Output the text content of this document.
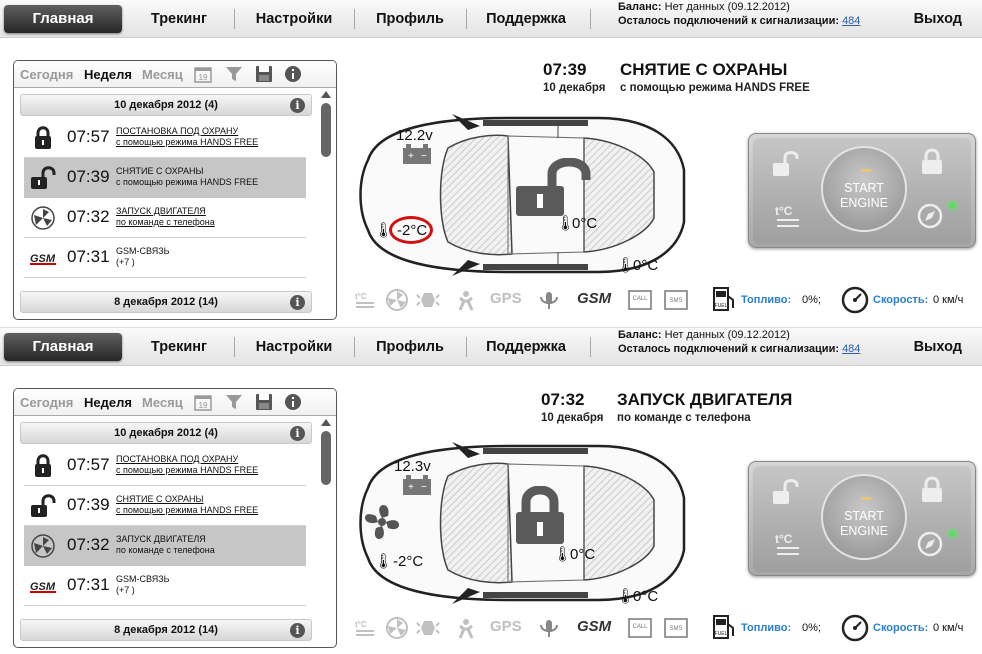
Главная	Трекинг	Настройки	Профиль	Поддержка
Баланс: Нет данных (09.12.2012)
Осталось подключений к сигнализации: 484	Выход
Сегодня Неделя Месяц 19
10 декабря 2012 (4)	i
07:57 ПОСТАНОВКА ПОД ОХРАНУ
с помощью режима HANDS FREE
07:39 СНЯТИЕ С ОХРАНЫ
с помощью режима HANDS FREE
07:32 ЗАПУСК ДВИГАТЕЛЯ
по команде с телефона
GSM 07:31 GSM-СВЯЗЬ
(+7 )
8 декабря 2012 (14)	i
07:39 СНЯТИЕ С ОХРАНЫ
10 декабря с помощью режима HANDS FREE
+ −
12.2v
🌡 -2°C	🌡
0°C
🌡
0°C
t°C
START
ENGINE
t°C	GPS	GSM	CALL	SMS
FUEL Топливо: 0%;	Скорость: 0 км/ч
Главная	Трекинг	Настройки	Профиль	Поддержка
Баланс: Нет данных (09.12.2012)
Осталось подключений к сигнализации: 484	Выход
Сегодня Неделя Месяц 19
10 декабря 2012 (4)	i
07:57 ПОСТАНОВКА ПОД ОХРАНУ
с помощью режима HANDS FREE
07:39 СНЯТИЕ С ОХРАНЫ
с помощью режима HANDS FREE
07:32 ЗАПУСК ДВИГАТЕЛЯ
по команде с телефона
GSM 07:31 GSM-СВЯЗЬ
(+7 )
8 декабря 2012 (14)	i
07:32 ЗАПУСК ДВИГАТЕЛЯ
10 декабря по команде с телефона
+ −
12.3v
🌡 -2°C	🌡
0°C
🌡
0°C
t°C
START
ENGINE
t°C	GPS	GSM	CALL	SMS
FUEL Топливо: 0%;	Скорость: 0 км/ч
